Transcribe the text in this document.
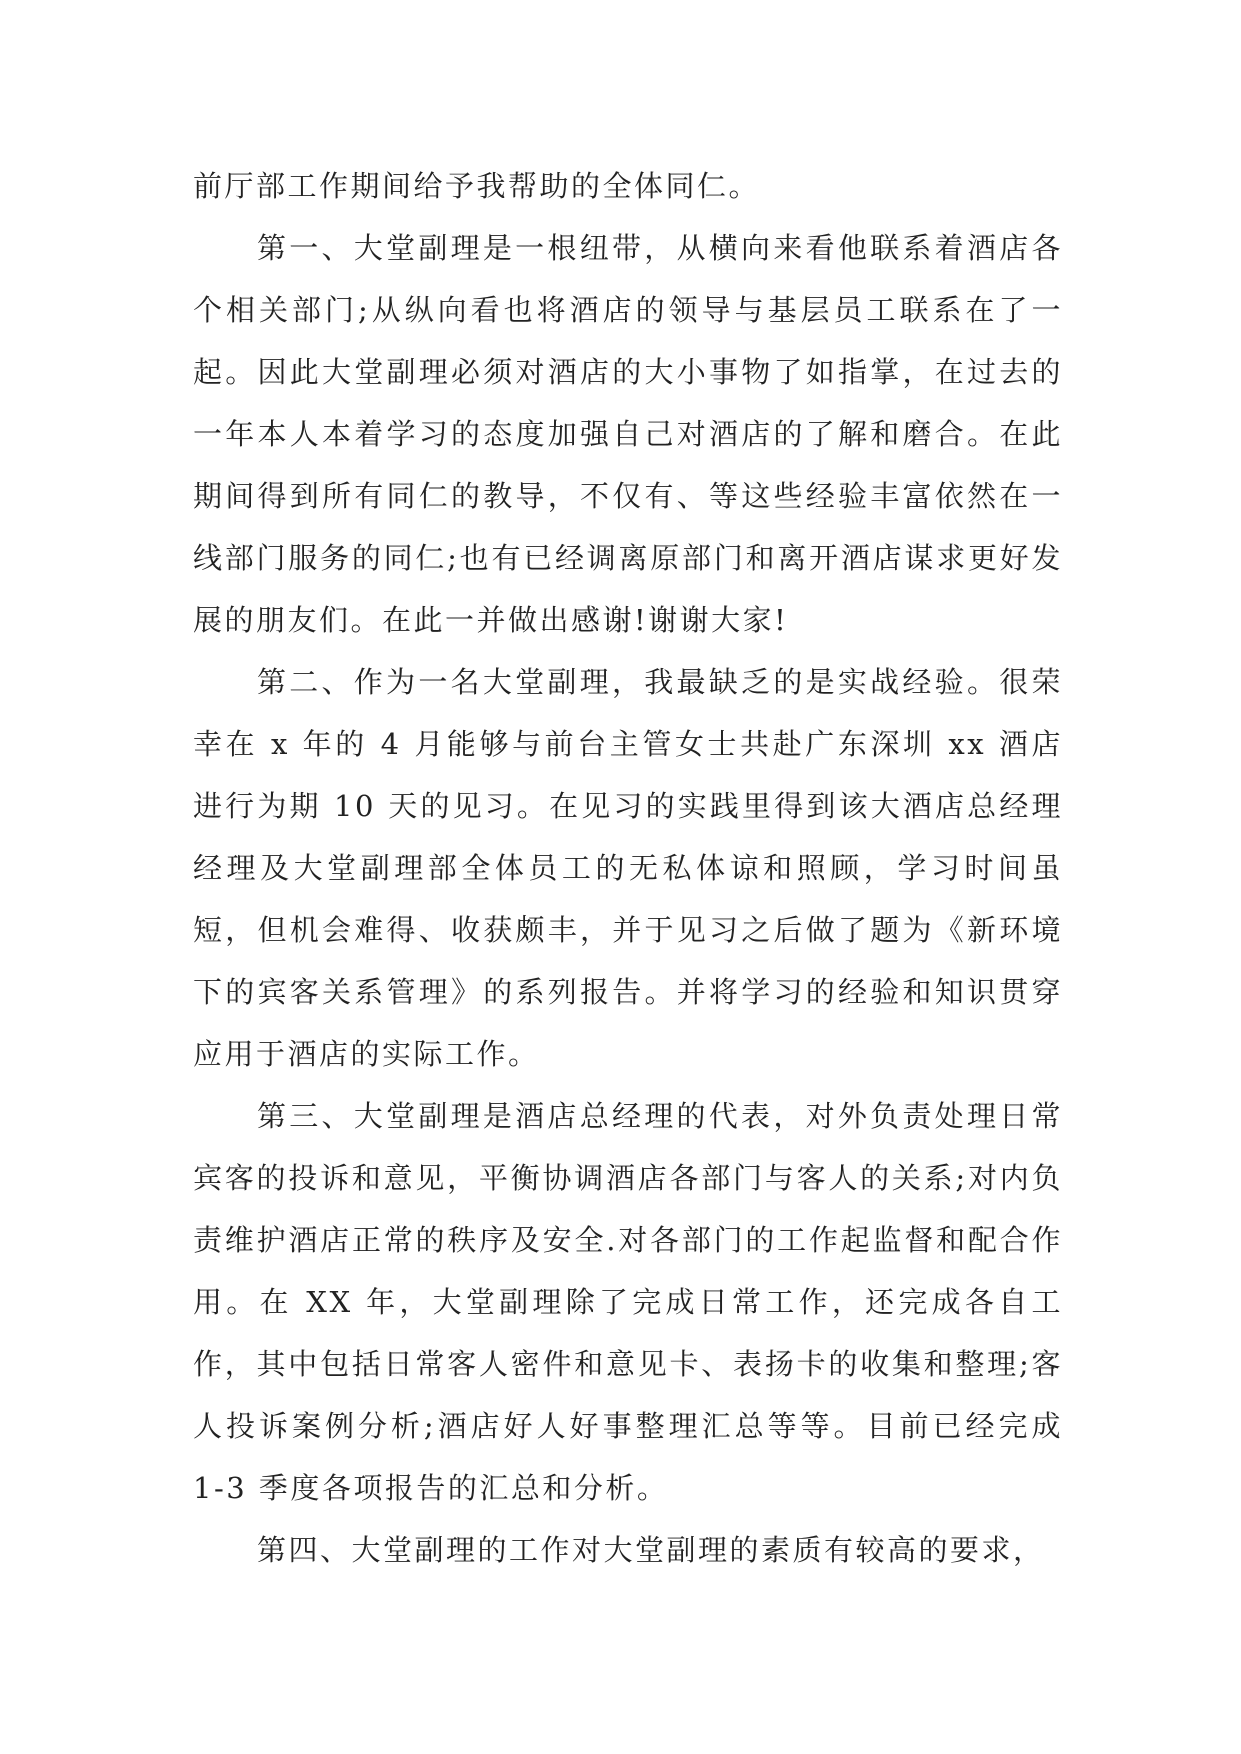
前厅部工作期间给予我帮助的全体同仁。

第一、大堂副理是一根纽带，从横向来看他联系着酒店各个相关部门;从纵向看也将酒店的领导与基层员工联系在了一起。因此大堂副理必须对酒店的大小事物了如指掌，在过去的一年本人本着学习的态度加强自己对酒店的了解和磨合。在此期间得到所有同仁的教导，不仅有、等这些经验丰富依然在一线部门服务的同仁;也有已经调离原部门和离开酒店谋求更好发展的朋友们。在此一并做出感谢!谢谢大家!

第二、作为一名大堂副理，我最缺乏的是实战经验。很荣幸在 x 年的 4 月能够与前台主管女士共赴广东深圳 xx 酒店进行为期 10 天的见习。在见习的实践里得到该大酒店总经理经理及大堂副理部全体员工的无私体谅和照顾，学习时间虽短，但机会难得、收获颇丰，并于见习之后做了题为《新环境下的宾客关系管理》的系列报告。并将学习的经验和知识贯穿应用于酒店的实际工作。

第三、大堂副理是酒店总经理的代表，对外负责处理日常宾客的投诉和意见，平衡协调酒店各部门与客人的关系;对内负责维护酒店正常的秩序及安全.对各部门的工作起监督和配合作用。在 XX 年，大堂副理除了完成日常工作，还完成各自工作，其中包括日常客人密件和意见卡、表扬卡的收集和整理;客人投诉案例分析;酒店好人好事整理汇总等等。目前已经完成 1-3 季度各项报告的汇总和分析。

第四、大堂副理的工作对大堂副理的素质有较高的要求，
